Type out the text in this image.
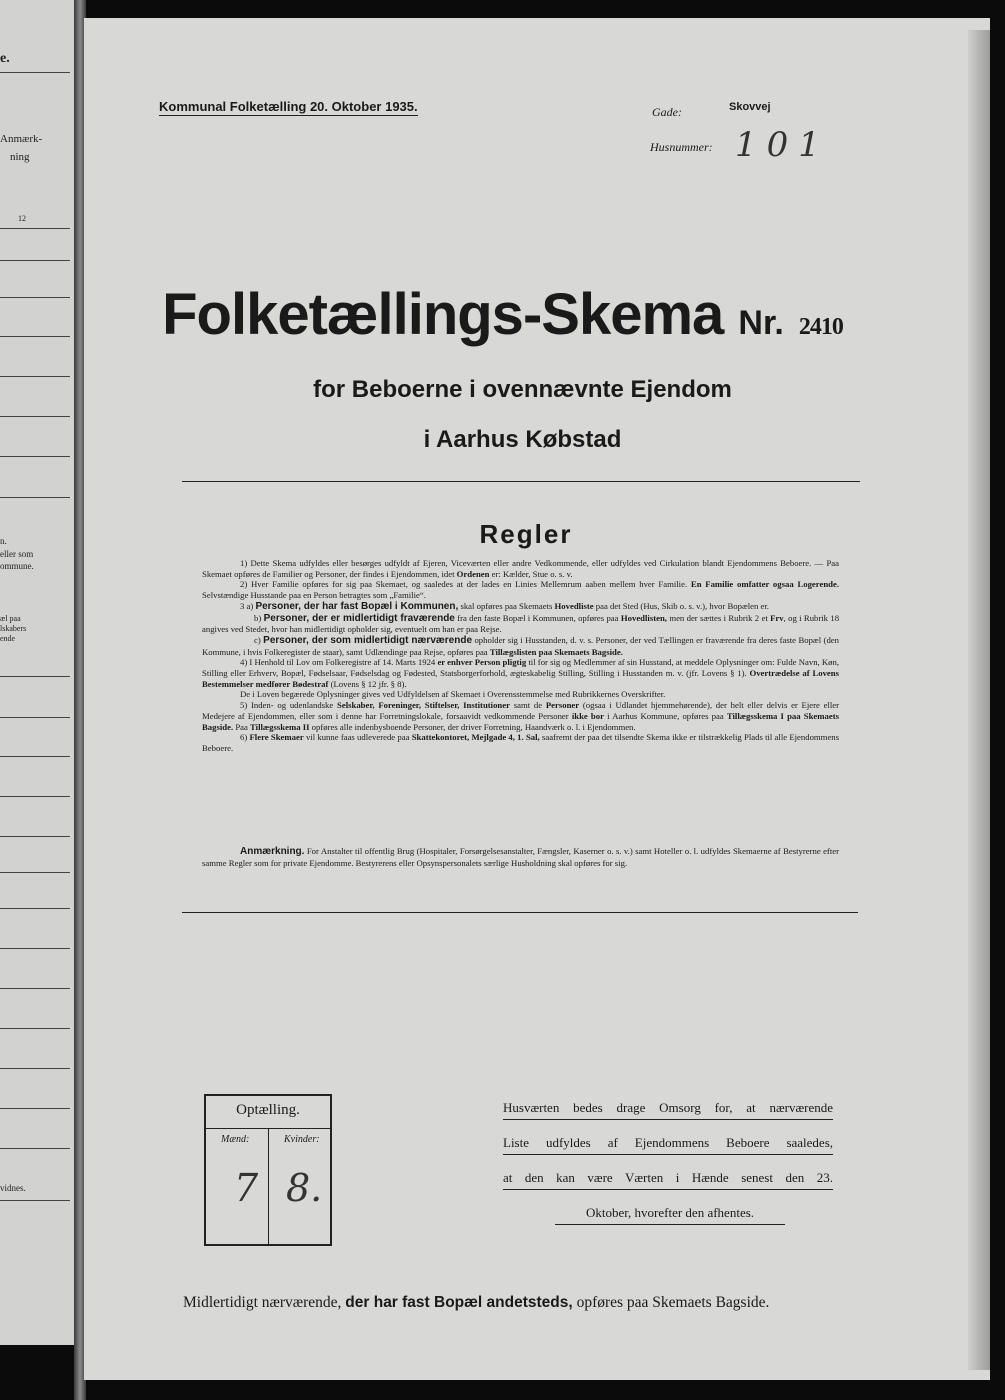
e.
Anmærk-
ning
12
n.
eller som
ommune.
æl paa
lskabers
ende
vidnes.
Kommunal Folketælling 20. Oktober 1935.	Gade:	Skovvej
Husnummer: 101
Folketællings-Skema Nr. 2410
for Beboerne i ovennævnte Ejendom
i Aarhus Købstad
Regler

1) Dette Skema udfyldes eller besørges udfyldt af Ejeren, Viceværten eller andre Vedkommende, eller udfyldes ved Cirkulation blandt Ejendommens Beboere. — Paa Skemaet opføres de Familier og Personer, der findes i Ejendommen, idet Ordenen er: Kælder, Stue o. s. v.

2) Hver Familie opføres for sig paa Skemaet, og saaledes at der lades en Linies Mellemrum aaben mellem hver Familie. En Familie omfatter ogsaa Logerende. Selvstændige Husstande paa en Person betragtes som „Familie“.

3 a) Personer, der har fast Bopæl i Kommunen, skal opføres paa Skemaets Hovedliste paa det Sted (Hus, Skib o. s. v.), hvor Bopælen er.

b) Personer, der er midlertidigt fraværende fra den faste Bopæl i Kommunen, opføres paa Hovedlisten, men der sættes i Rubrik 2 et Frv, og i Rubrik 18 angives ved Stedet, hvor han midlertidigt opholder sig, eventuelt om han er paa Rejse.

c) Personer, der som midlertidigt nærværende opholder sig i Husstanden, d. v. s. Personer, der ved Tællingen er fraværende fra deres faste Bopæl (den Kommune, i hvis Folkeregister de staar), samt Udlændinge paa Rejse, opføres paa Tillægslisten paa Skemaets Bagside.

4) I Henhold til Lov om Folkeregistre af 14. Marts 1924 er enhver Person pligtig til for sig og Medlemmer af sin Husstand, at meddele Oplysninger om: Fulde Navn, Køn, Stilling eller Erhverv, Bopæl, Fødselsaar, Fødselsdag og Fødested, Statsborgerforhold, ægteskabelig Stilling, Stilling i Husstanden m. v. (jfr. Lovens § 1). Overtrædelse af Lovens Bestemmelser medfører Bødestraf (Lovens § 12 jfr. § 8).

De i Loven begærede Oplysninger gives ved Udfyldelsen af Skemaet i Overensstemmelse med Rubrikkernes Overskrifter.

5) Inden- og udenlandske Selskaber, Foreninger, Stiftelser, Institutioner samt de Personer (ogsaa i Udlandet hjemmehørende), der helt eller delvis er Ejere eller Medejere af Ejendommen, eller som i denne har Forretningslokale, forsaavidt vedkommende Personer ikke bor i Aarhus Kommune, opføres paa Tillægsskema I paa Skemaets Bagside. Paa Tillægsskema II opføres alle indenbysboende Personer, der driver Forretning, Haandværk o. l. i Ejendommen.

6) Flere Skemaer vil kunne faas udleverede paa Skattekontoret, Mejlgade 4, 1. Sal, saafremt der paa det tilsendte Skema ikke er tilstrækkelig Plads til alle Ejendommens Beboere.

Anmærkning. For Anstalter til offentlig Brug (Hospitaler, Forsørgelsesanstalter, Fængsler, Kaserner o. s. v.) samt Hoteller o. l. udfyldes Skemaerne af Bestyrerne efter samme Regler som for private Ejendomme. Bestyrerens eller Opsynspersonalets særlige Husholdning skal opføres for sig.
Optælling.
Mænd:	Kvinder:
7 8.
Husværten bedes drage Omsorg for, at nærværende
Liste udfyldes af Ejendommens Beboere saaledes,
at den kan være Værten i Hænde senest den 23.
Oktober, hvorefter den afhentes.
Midlertidigt nærværende, der har fast Bopæl andetsteds, opføres paa Skemaets Bagside.
